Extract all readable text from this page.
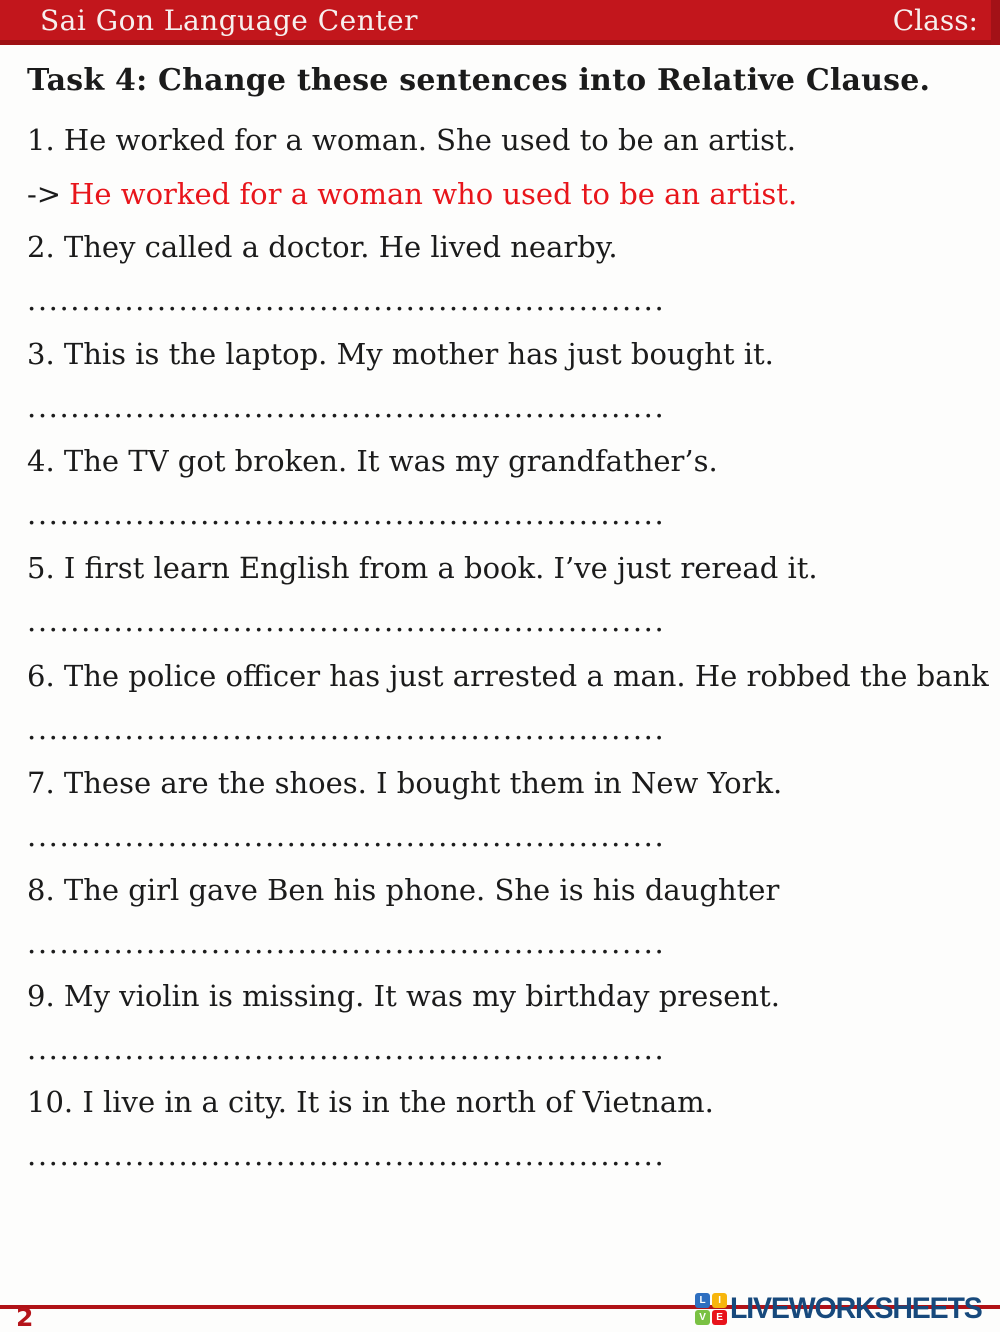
Sai Gon Language Center	Class:
Task 4: Change these sentences into Relative Clause.
1. He worked for a woman. She used to be an artist.
-> He worked for a woman who used to be an artist.
2. They called a doctor. He lived nearby.
...........................................................
3. This is the laptop. My mother has just bought it.
...........................................................
4. The TV got broken. It was my grandfather’s.
...........................................................
5. I first learn English from a book. I’ve just reread it.
...........................................................
6. The police officer has just arrested a man. He robbed the bank
...........................................................
7. These are the shoes. I bought them in New York.
...........................................................
8. The girl gave Ben his phone. She is his daughter
...........................................................
9. My violin is missing. It was my birthday present.
...........................................................
10. I live in a city. It is in the north of Vietnam.
...........................................................
2
L	I
V	E LIVEWORKSHEETS
